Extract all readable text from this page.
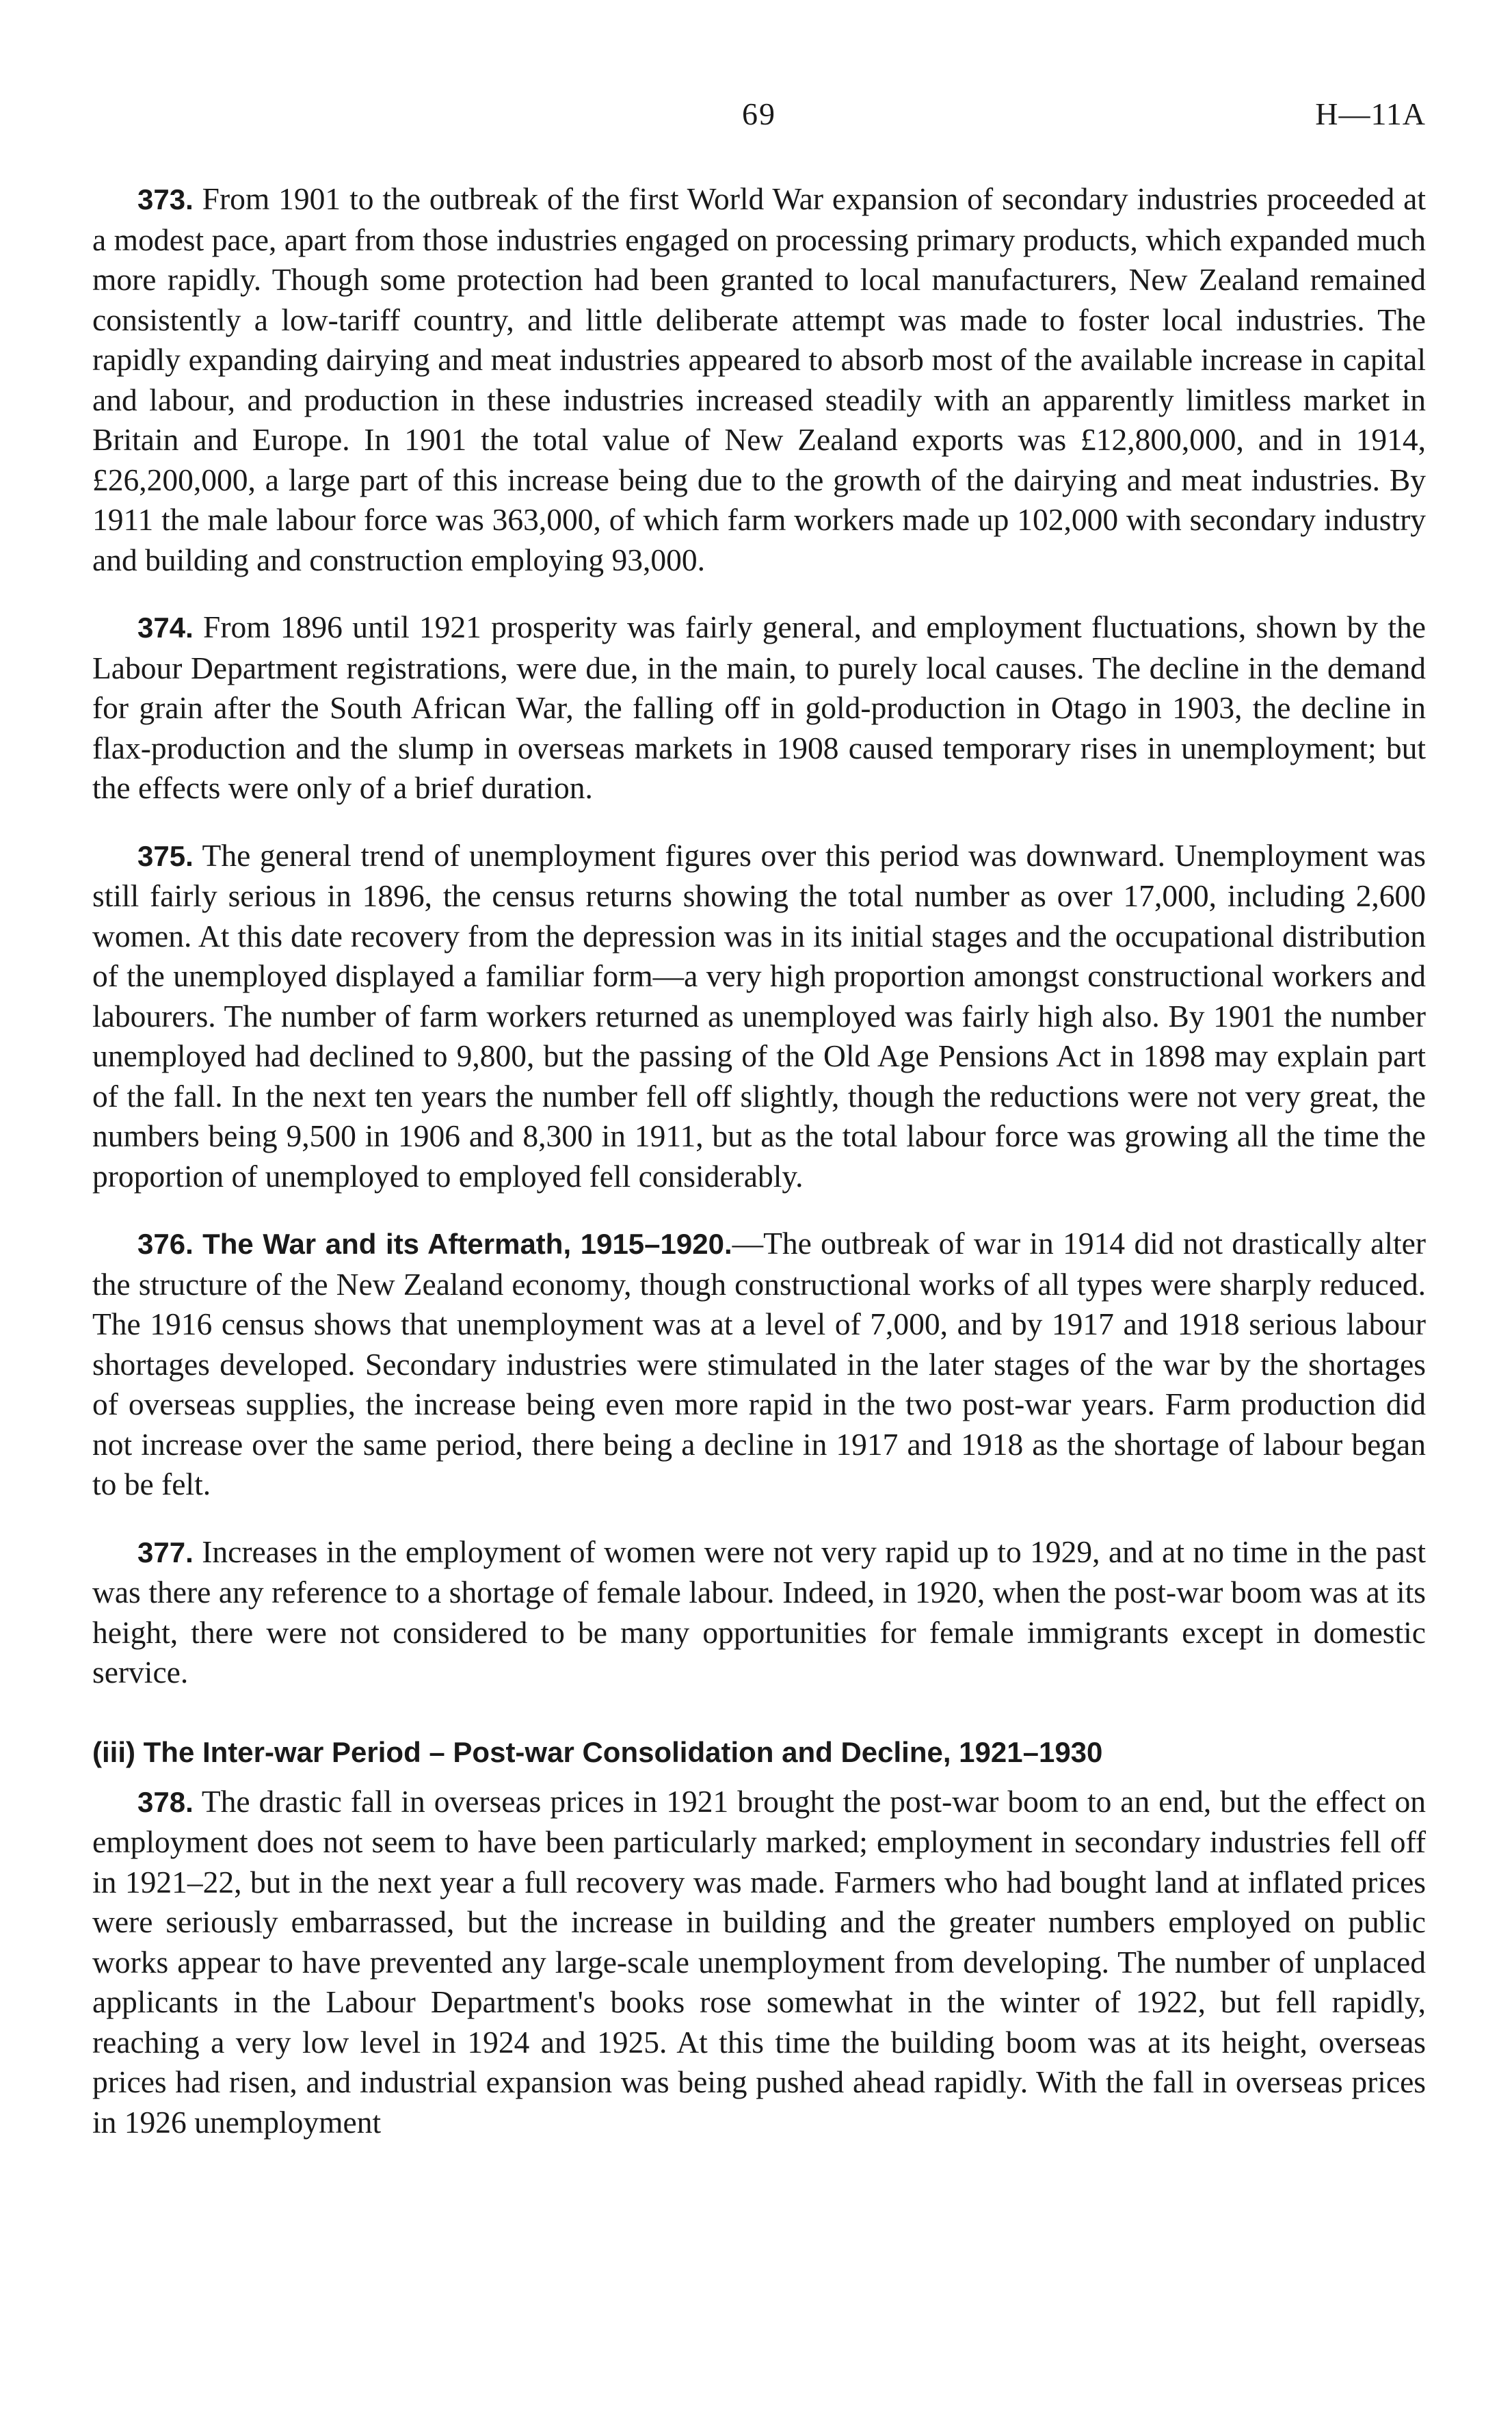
69	H—11A

373. From 1901 to the outbreak of the first World War expansion of secondary industries proceeded at a modest pace, apart from those industries engaged on processing primary products, which expanded much more rapidly. Though some protection had been granted to local manufacturers, New Zealand remained consistently a low-tariff country, and little deliberate attempt was made to foster local industries. The rapidly expanding dairying and meat industries appeared to absorb most of the available increase in capital and labour, and production in these industries increased steadily with an apparently limitless market in Britain and Europe. In 1901 the total value of New Zealand exports was £12,800,000, and in 1914, £26,200,000, a large part of this increase being due to the growth of the dairying and meat industries. By 1911 the male labour force was 363,000, of which farm workers made up 102,000 with secondary industry and building and construction employing 93,000.

374. From 1896 until 1921 prosperity was fairly general, and employment fluctuations, shown by the Labour Department registrations, were due, in the main, to purely local causes. The decline in the demand for grain after the South African War, the falling off in gold-production in Otago in 1903, the decline in flax-production and the slump in overseas markets in 1908 caused temporary rises in unemployment; but the effects were only of a brief duration.

375. The general trend of unemployment figures over this period was downward. Unemployment was still fairly serious in 1896, the census returns showing the total number as over 17,000, including 2,600 women. At this date recovery from the depression was in its initial stages and the occupational distribution of the unemployed displayed a familiar form—a very high proportion amongst constructional workers and labourers. The number of farm workers returned as unemployed was fairly high also. By 1901 the number unemployed had declined to 9,800, but the passing of the Old Age Pensions Act in 1898 may explain part of the fall. In the next ten years the number fell off slightly, though the reductions were not very great, the numbers being 9,500 in 1906 and 8,300 in 1911, but as the total labour force was growing all the time the proportion of unemployed to employed fell considerably.

376. The War and its Aftermath, 1915–1920.—The outbreak of war in 1914 did not drastically alter the structure of the New Zealand economy, though constructional works of all types were sharply reduced. The 1916 census shows that unemployment was at a level of 7,000, and by 1917 and 1918 serious labour shortages developed. Secondary industries were stimulated in the later stages of the war by the shortages of overseas supplies, the increase being even more rapid in the two post-war years. Farm production did not increase over the same period, there being a decline in 1917 and 1918 as the shortage of labour began to be felt.

377. Increases in the employment of women were not very rapid up to 1929, and at no time in the past was there any reference to a shortage of female labour. Indeed, in 1920, when the post-war boom was at its height, there were not considered to be many opportunities for female immigrants except in domestic service.

(iii) The Inter-war Period – Post-war Consolidation and Decline, 1921–1930

378. The drastic fall in overseas prices in 1921 brought the post-war boom to an end, but the effect on employment does not seem to have been particularly marked; employment in secondary industries fell off in 1921–22, but in the next year a full recovery was made. Farmers who had bought land at inflated prices were seriously embarrassed, but the increase in building and the greater numbers employed on public works appear to have prevented any large-scale unemployment from developing. The number of unplaced applicants in the Labour Department's books rose somewhat in the winter of 1922, but fell rapidly, reaching a very low level in 1924 and 1925. At this time the building boom was at its height, overseas prices had risen, and industrial expansion was being pushed ahead rapidly. With the fall in overseas prices in 1926 unemployment
